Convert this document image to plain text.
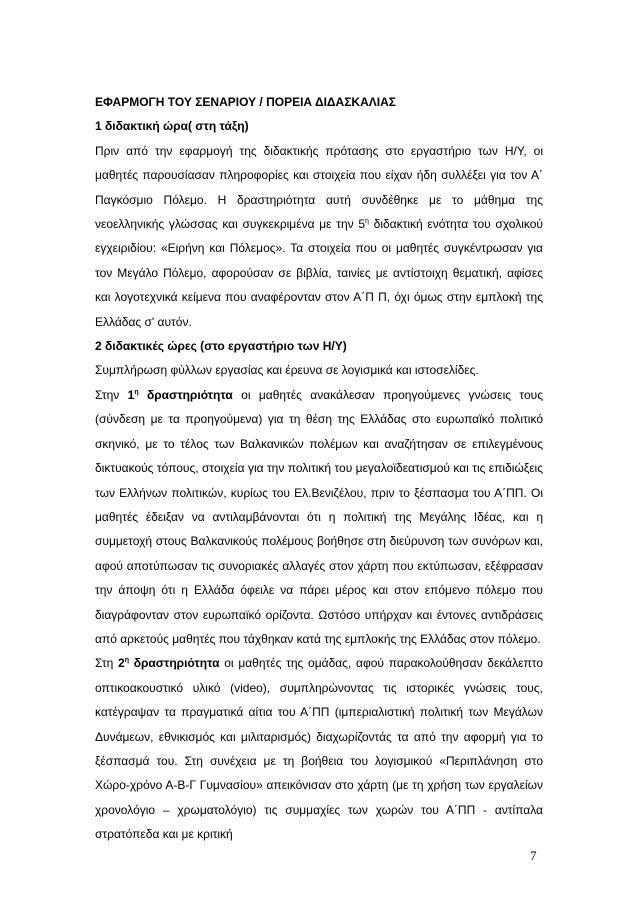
ΕΦΑΡΜΟΓΗ ΤΟΥ ΣΕΝΑΡΙΟΥ / ΠΟΡΕΙΑ ΔΙΔΑΣΚΑΛΙΑΣ

1 διδακτική ώρα( στη τάξη)

Πριν από την εφαρμογή της διδακτικής πρότασης στο εργαστήριο των Η/Υ, οι μαθητές παρουσίασαν πληροφορίες και στοιχεία που είχαν ήδη συλλέξει για τον Α΄ Παγκόσμιο Πόλεμο. Η δραστηριότητα αυτή συνδέθηκε με το μάθημα της νεοελληνικής γλώσσας και συγκεκριμένα με την $5^\eta$ διδακτική ενότητα του σχολικού εγχειριδίου: «Ειρήνη και Πόλεμος». Τα στοιχεία που οι μαθητές συγκέντρωσαν για τον Μεγάλο Πόλεμο, αφορούσαν σε βιβλία, ταινίες με αντίστοιχη θεματική, αφίσες και λογοτεχνικά κείμενα που αναφέρονταν στον Α΄Π Π, όχι όμως στην εμπλοκή της Ελλάδας σ' αυτόν.

2 διδακτικές ώρες (στο εργαστήριο των Η/Υ)

Συμπλήρωση φύλλων εργασίας και έρευνα σε λογισμικά και ιστοσελίδες.

Στην $1^\eta$ δραστηριότητα οι μαθητές ανακάλεσαν προηγούμενες γνώσεις τους (σύνδεση με τα προηγούμενα) για τη θέση της Ελλάδας στο ευρωπαϊκό πολιτικό σκηνικό, με το τέλος των Βαλκανικών πολέμων και αναζήτησαν σε επιλεγμένους δικτυακούς τόπους, στοιχεία για την πολιτική του μεγαλοϊδεατισμού και τις επιδιώξεις των Ελλήνων πολιτικών, κυρίως του Ελ.Βενιζέλου, πριν το ξέσπασμα του Α΄ΠΠ. Οι μαθητές έδειξαν να αντιλαμβάνονται ότι η πολιτική της Μεγάλης Ιδέας, και η συμμετοχή στους Βαλκανικούς πολέμους βοήθησε στη διεύρυνση των συνόρων και, αφού αποτύπωσαν τις συνοριακές αλλαγές στον χάρτη που εκτύπωσαν, εξέφρασαν την άποψη ότι η Ελλάδα όφειλε να πάρει μέρος και στον επόμενο πόλεμο που διαγράφονταν στον ευρωπαϊκό ορίζοντα. Ωστόσο υπήρχαν και έντονες αντιδράσεις από αρκετούς μαθητές που τάχθηκαν κατά της εμπλοκής της Ελλάδας στον πόλεμο.

Στη $2^\eta$ δραστηριότητα οι μαθητές της ομάδας, αφού παρακολούθησαν δεκάλεπτο οπτικοακουστικό υλικό (video), συμπληρώνοντας τις ιστορικές γνώσεις τους, κατέγραψαν τα πραγματικά αίτια του Α΄ΠΠ (ιμπεριαλιστική πολιτική των Μεγάλων Δυνάμεων, εθνικισμός και μιλιταρισμός) διαχωρίζοντάς τα από την αφορμή για το ξέσπασμά του. Στη συνέχεια με τη βοήθεια του λογισμικού «Περιπλάνηση στο Χώρο-χρόνο Α-Β-Γ Γυμνασίου» απεικόνισαν στο χάρτη (με τη χρήση των εργαλείων χρονολόγιο – χρωματολόγιο) τις συμμαχίες των χωρών του Α΄ΠΠ - αντίπαλα στρατόπεδα και με κριτική

7
